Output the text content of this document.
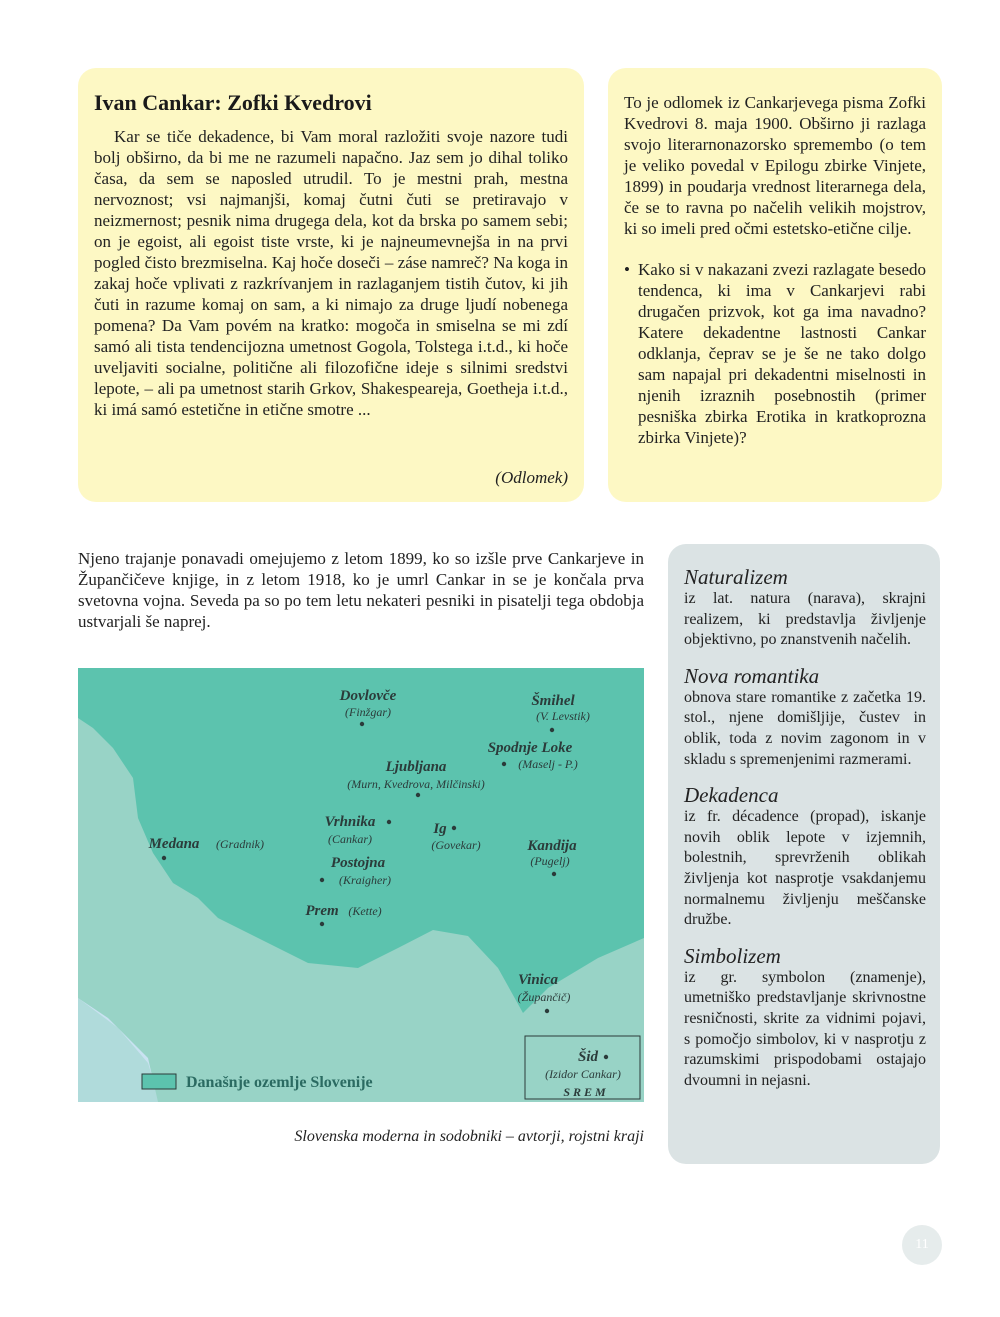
Ivan Cankar: Zofki Kvedrovi

Kar se tiče dekadence, bi Vam moral razložiti svoje nazore tudi bolj obširno, da bi me ne razumeli napačno. Jaz sem jo dihal toliko časa, da sem se naposled utrudil. To je mestni prah, mestna nervoznost; vsi najmanjši, komaj čutni čuti se pretiravajo v neizmernost; pesnik nima drugega dela, kot da brska po samem sebi; on je egoist, ali egoist tiste vrste, ki je najneumevnejša in na prvi pogled čisto brezmiselna. Kaj hoče doseči – záse namreč? Na koga in zakaj hoče vplivati z razkrívanjem in razlaganjem tistih čutov, ki jih čuti in razume komaj on sam, a ki nimajo za druge ljudí nobenega pomena? Da Vam povém na kratko: mogoča in smiselna se mi zdí samó ali tista tendencijozna umetnost Gogola, Tolstega i.t.d., ki hoče uveljaviti socialne, politične ali filozofične ideje s silnimi sredstvi lepote, – ali pa umetnost starih Grkov, Shakespeareja, Goetheja i.t.d., ki imá samó estetične in etične smotre ...

(Odlomek)

To je odlomek iz Cankarjevega pisma Zofki Kvedrovi 8. maja 1900. Obširno ji razlaga svojo literarnonazorsko spremembo (o tem je veliko povedal v Epilogu zbirke Vinjete, 1899) in poudarja vrednost literarnega dela, če se to ravna po načelih velikih mojstrov, ki so imeli pred očmi estetsko-etične cilje.

• Kako si v nakazani zvezi razlagate besedo tendenca, ki ima v Cankarjevi rabi drugačen prizvok, kot ga ima navadno? Katere dekadentne lastnosti Cankar odklanja, čeprav se je še ne tako dolgo sam napajal pri dekadentni miselnosti in njenih izraznih posebnostih (primer pesniška zbirka Erotika in kratkoprozna zbirka Vinjete)?

Njeno trajanje ponavadi omejujemo z letom 1899, ko so izšle prve Cankarjeve in Župančičeve knjige, in z letom 1918, ko je umrl Cankar in se je končala prva svetovna vojna. Seveda pa so po tem letu nekateri pesniki in pisatelji tega obdobja ustvarjali še naprej.

Dovlovče
(Finžgar)
Šmihel
(V. Levstik)
Spodnje Loke
(Maselj - P.)
Ljubljana
(Murn, Kvedrova, Milčinski)
Vrhnika
(Cankar)
Ig
(Govekar)
Medana (Gradnik)
Postojna
(Kraigher)
Kandija
(Pugelj)
Prem (Kette)
Vinica
(Župančič)
Šid
(Izidor Cankar)
SREM
Današnje ozemlje Slovenije
Slovenska moderna in sodobniki – avtorji, rojstni kraji
Naturalizem

iz lat. natura (narava), skrajni realizem, ki predstavlja življenje objektivno, po znanstvenih načelih.

Nova romantika

obnova stare romantike z začetka 19. stol., njene domišljije, čustev in oblik, toda z novim zagonom in v skladu s spremenjenimi razmerami.

Dekadenca

iz fr. décadence (propad), iskanje novih oblik lepote v izjemnih, bolestnih, sprevrženih oblikah življenja kot nasprotje vsakdanjemu normalnemu življenju meščanske družbe.

Simbolizem

iz gr. symbolon (znamenje), umetniško predstavljanje skrivnostne resničnosti, skrite za vidnimi pojavi, s pomočjo simbolov, ki v nasprotju z razumskimi prispodobami ostajajo dvoumni in nejasni.

11
